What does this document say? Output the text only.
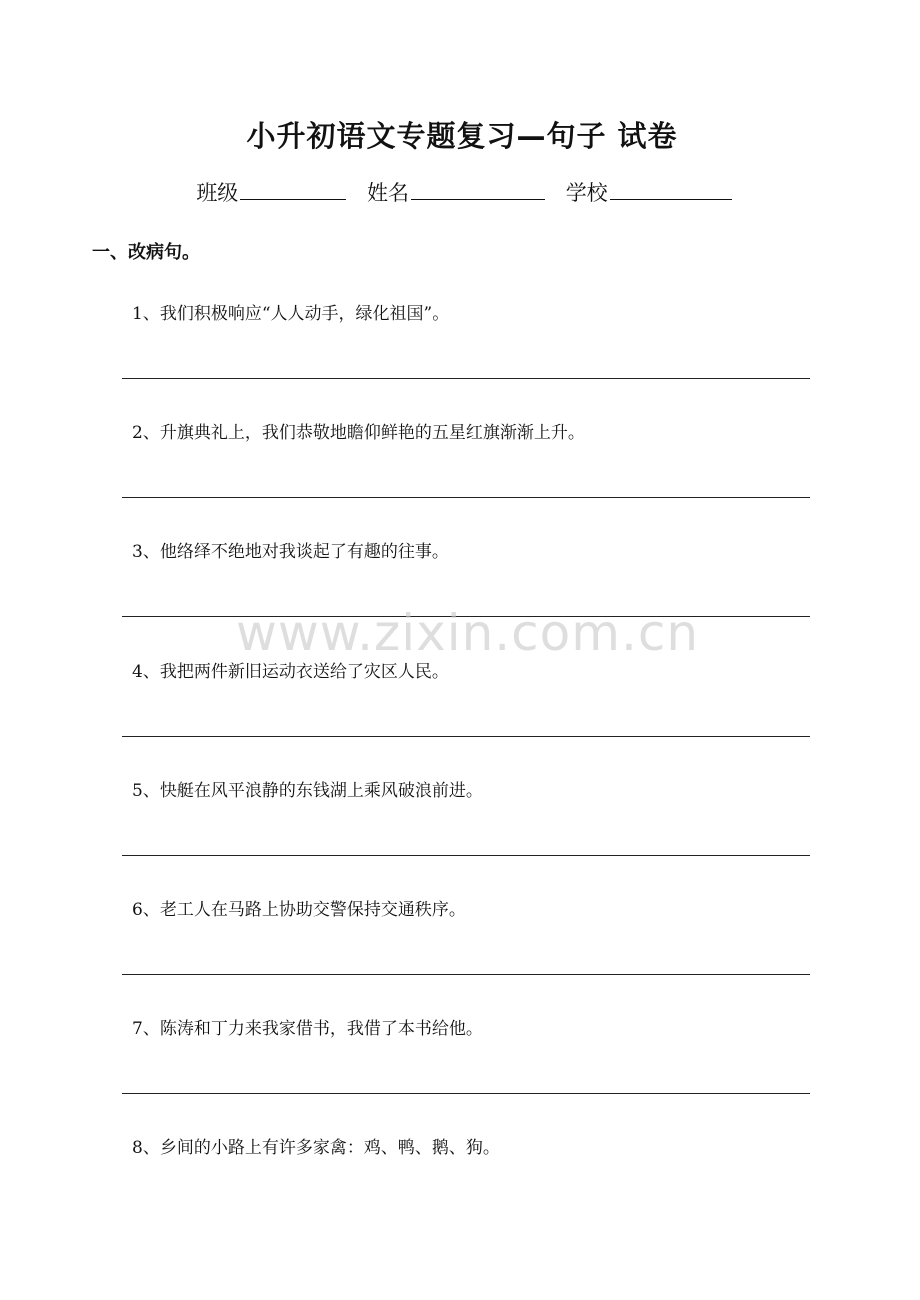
小升初语文专题复习—句子 试卷
班级	姓名	学校
一、改病句。
1、我们积极响应“人人动手，绿化祖国”。
2、升旗典礼上，我们恭敬地瞻仰鲜艳的五星红旗渐渐上升。
3、他络绎不绝地对我谈起了有趣的往事。
4、我把两件新旧运动衣送给了灾区人民。
5、快艇在风平浪静的东钱湖上乘风破浪前进。
6、老工人在马路上协助交警保持交通秩序。
7、陈涛和丁力来我家借书，我借了本书给他。
8、乡间的小路上有许多家禽：鸡、鸭、鹅、狗。
www.zixin.com.cn
